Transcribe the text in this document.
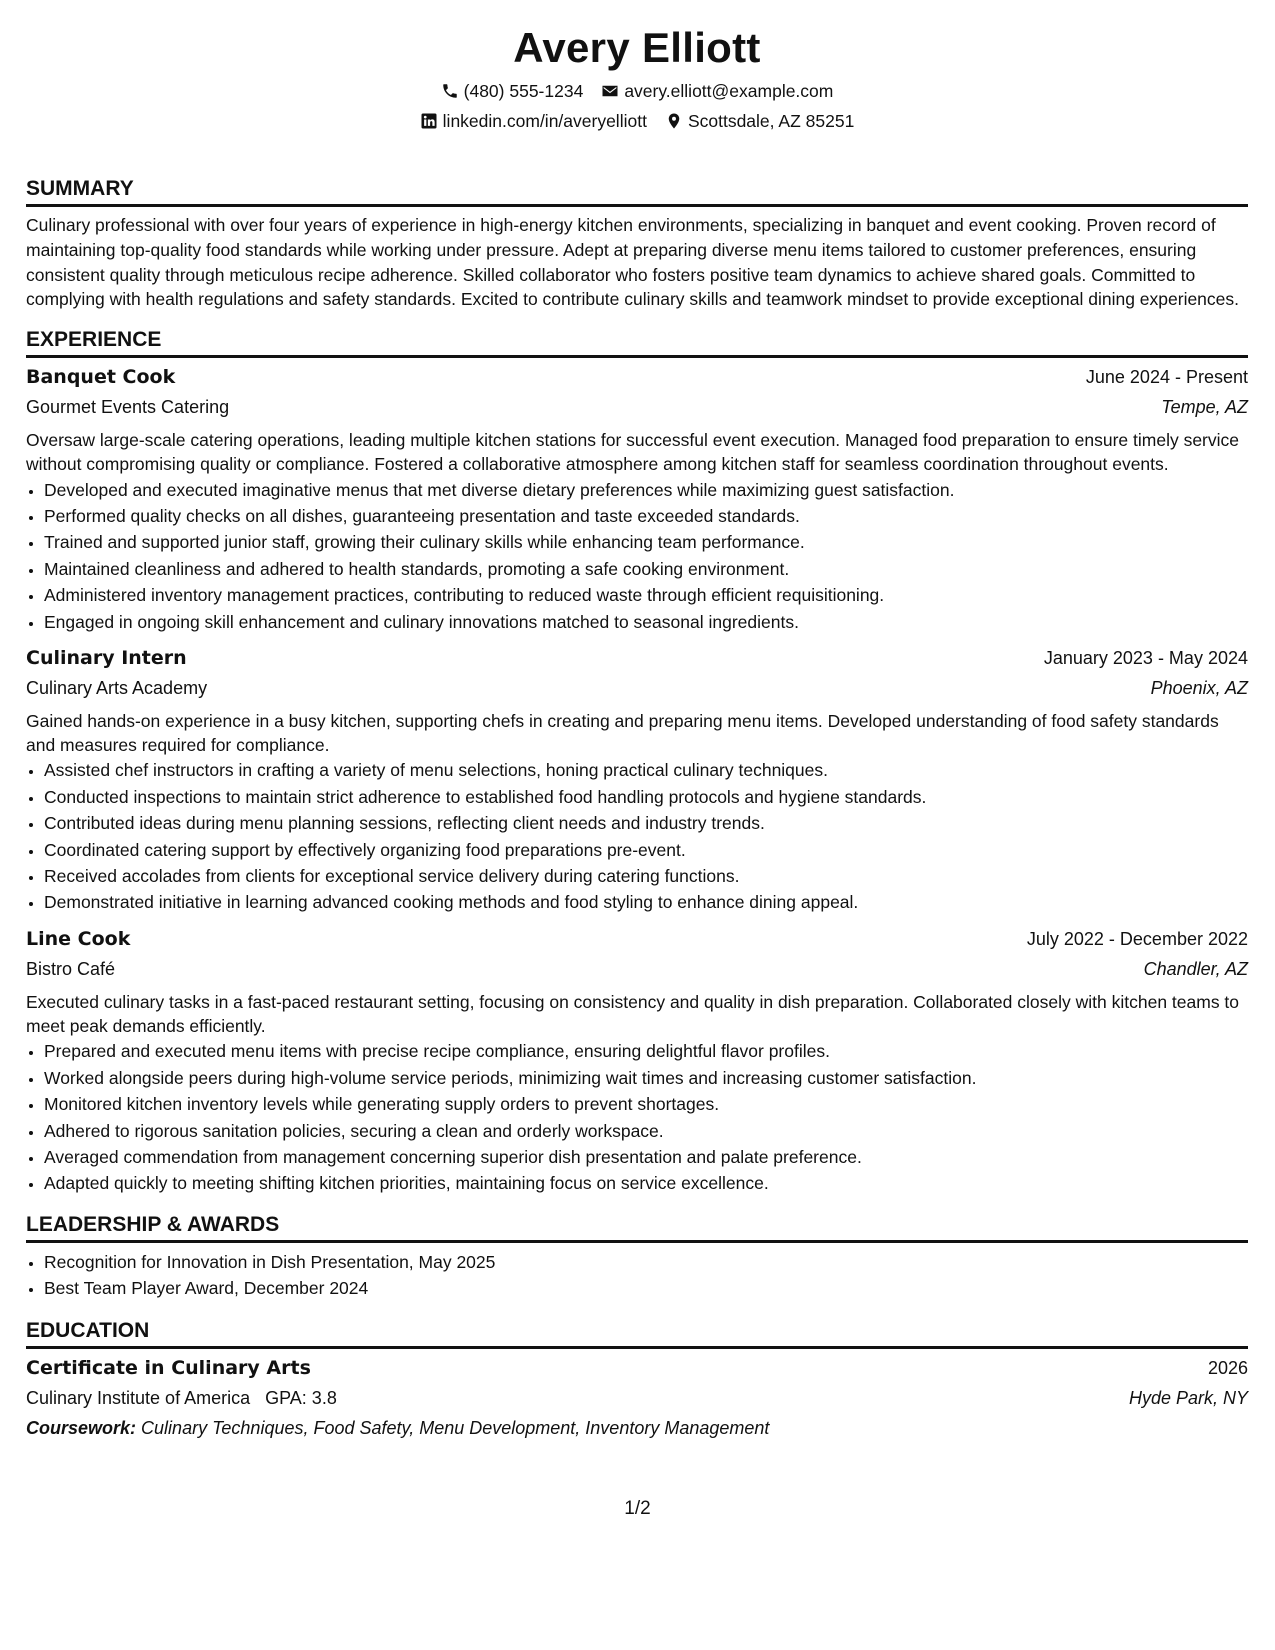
Avery Elliott
(480) 555-1234 avery.elliott@example.com
linkedin.com/in/averyelliott Scottsdale, AZ 85251
SUMMARY

Culinary professional with over four years of experience in high-energy kitchen environments, specializing in banquet and event cooking. Proven record of maintaining top-quality food standards while working under pressure. Adept at preparing diverse menu items tailored to customer preferences, ensuring consistent quality through meticulous recipe adherence. Skilled collaborator who fosters positive team dynamics to achieve shared goals. Committed to complying with health regulations and safety standards. Excited to contribute culinary skills and teamwork mindset to provide exceptional dining experiences.

EXPERIENCE
Banquet Cook	June 2024 - Present
Gourmet Events Catering	Tempe, AZ

Oversaw large-scale catering operations, leading multiple kitchen stations for successful event execution. Managed food preparation to ensure timely service without compromising quality or compliance. Fostered a collaborative atmosphere among kitchen staff for seamless coordination throughout events.

• Developed and executed imaginative menus that met diverse dietary preferences while maximizing guest satisfaction.
• Performed quality checks on all dishes, guaranteeing presentation and taste exceeded standards.
• Trained and supported junior staff, growing their culinary skills while enhancing team performance.
• Maintained cleanliness and adhered to health standards, promoting a safe cooking environment.
• Administered inventory management practices, contributing to reduced waste through efficient requisitioning.
• Engaged in ongoing skill enhancement and culinary innovations matched to seasonal ingredients.
Culinary Intern	January 2023 - May 2024
Culinary Arts Academy	Phoenix, AZ

Gained hands-on experience in a busy kitchen, supporting chefs in creating and preparing menu items. Developed understanding of food safety standards and measures required for compliance.

• Assisted chef instructors in crafting a variety of menu selections, honing practical culinary techniques.
• Conducted inspections to maintain strict adherence to established food handling protocols and hygiene standards.
• Contributed ideas during menu planning sessions, reflecting client needs and industry trends.
• Coordinated catering support by effectively organizing food preparations pre-event.
• Received accolades from clients for exceptional service delivery during catering functions.
• Demonstrated initiative in learning advanced cooking methods and food styling to enhance dining appeal.
Line Cook	July 2022 - December 2022
Bistro Café	Chandler, AZ

Executed culinary tasks in a fast-paced restaurant setting, focusing on consistency and quality in dish preparation. Collaborated closely with kitchen teams to meet peak demands efficiently.

• Prepared and executed menu items with precise recipe compliance, ensuring delightful flavor profiles.
• Worked alongside peers during high-volume service periods, minimizing wait times and increasing customer satisfaction.
• Monitored kitchen inventory levels while generating supply orders to prevent shortages.
• Adhered to rigorous sanitation policies, securing a clean and orderly workspace.
• Averaged commendation from management concerning superior dish presentation and palate preference.
• Adapted quickly to meeting shifting kitchen priorities, maintaining focus on service excellence.
LEADERSHIP & AWARDS
• Recognition for Innovation in Dish Presentation, May 2025
• Best Team Player Award, December 2024
EDUCATION
Certificate in Culinary Arts	2026
Culinary Institute of America GPA: 3.8	Hyde Park, NY
Coursework: Culinary Techniques, Food Safety, Menu Development, Inventory Management
1/2
